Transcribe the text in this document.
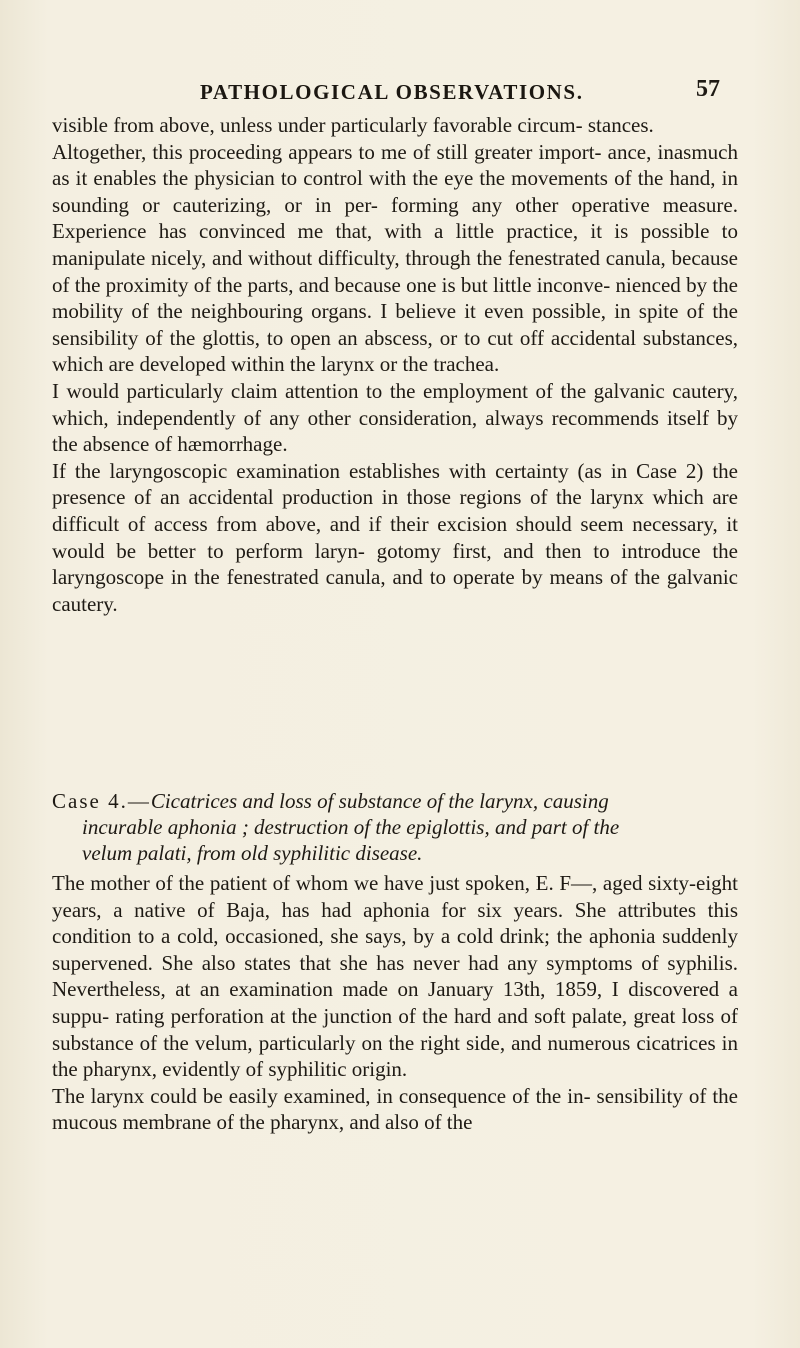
PATHOLOGICAL OBSERVATIONS.	57

visible from above, unless under particularly favorable circum- stances.

Altogether, this proceeding appears to me of still greater import- ance, inasmuch as it enables the physician to control with the eye the movements of the hand, in sounding or cauterizing, or in per- forming any other operative measure. Experience has convinced me that, with a little practice, it is possible to manipulate nicely, and without difficulty, through the fenestrated canula, because of the proximity of the parts, and because one is but little inconve- nienced by the mobility of the neighbouring organs. I believe it even possible, in spite of the sensibility of the glottis, to open an abscess, or to cut off accidental substances, which are developed within the larynx or the trachea.

I would particularly claim attention to the employment of the galvanic cautery, which, independently of any other consideration, always recommends itself by the absence of hæmorrhage.

If the laryngoscopic examination establishes with certainty (as in Case 2) the presence of an accidental production in those regions of the larynx which are difficult of access from above, and if their excision should seem necessary, it would be better to perform laryn- gotomy first, and then to introduce the laryngoscope in the fenestrated canula, and to operate by means of the galvanic cautery.

Case 4.—Cicatrices and loss of substance of the larynx, causing
incurable aphonia ; destruction of the epiglottis, and part of the
velum palati, from old syphilitic disease.

The mother of the patient of whom we have just spoken, E. F—, aged sixty-eight years, a native of Baja, has had aphonia for six years. She attributes this condition to a cold, occasioned, she says, by a cold drink; the aphonia suddenly supervened. She also states that she has never had any symptoms of syphilis. Nevertheless, at an examination made on January 13th, 1859, I discovered a suppu- rating perforation at the junction of the hard and soft palate, great loss of substance of the velum, particularly on the right side, and numerous cicatrices in the pharynx, evidently of syphilitic origin.

The larynx could be easily examined, in consequence of the in- sensibility of the mucous membrane of the pharynx, and also of the
